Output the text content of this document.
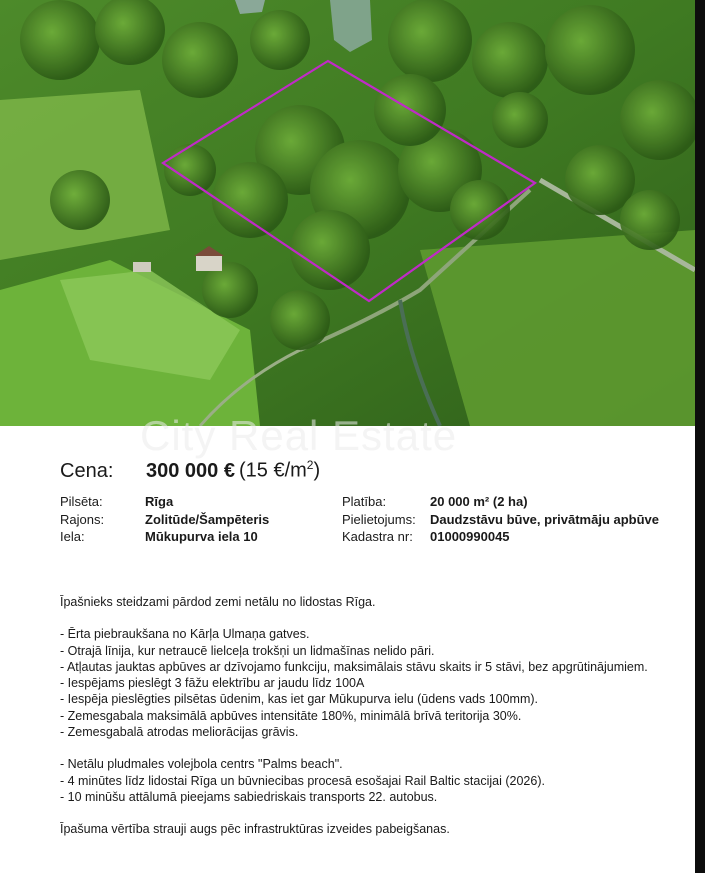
City Real Estate
Cena:	300 000 € (15 $€/m^2$)
Pilsēta:	Rīga	Platība:	20 000 m² (2 ha)
Rajons:	Zolitūde/Šampēteris	Pielietojums:	Daudzstāvu būve, privātmāju apbūve
Iela:	Mūkupurva iela 10	Kadastra nr:	01000990045

Īpašnieks steidzami pārdod zemi netālu no lidostas Rīga.

- Ērta piebraukšana no Kārļa Ulmaņa gatves.

- Otrajā līnija, kur netraucē lielceļa trokšņi un lidmašīnas nelido pāri.

- Atļautas jauktas apbūves ar dzīvojamo funkciju, maksimālais stāvu skaits ir 5 stāvi, bez apgrūtinājumiem.

- Iespējams pieslēgt 3 fāžu elektrību ar jaudu līdz 100A

- Iespēja pieslēgties pilsētas ūdenim, kas iet gar Mūkupurva ielu (ūdens vads 100mm).

- Zemesgabala maksimālā apbūves intensitāte 180%, minimālā brīvā teritorija 30%.

- Zemesgabalā atrodas meliorācijas grāvis.

- Netālu pludmales volejbola centrs "Palms beach".

- 4 minūtes līdz lidostai Rīga un būvniecibas procesā esošajai Rail Baltic stacijai (2026).

- 10 minūšu attālumā pieejams sabiedriskais transports 22. autobus.

Īpašuma vērtība strauji augs pēc infrastruktūras izveides pabeigšanas.
